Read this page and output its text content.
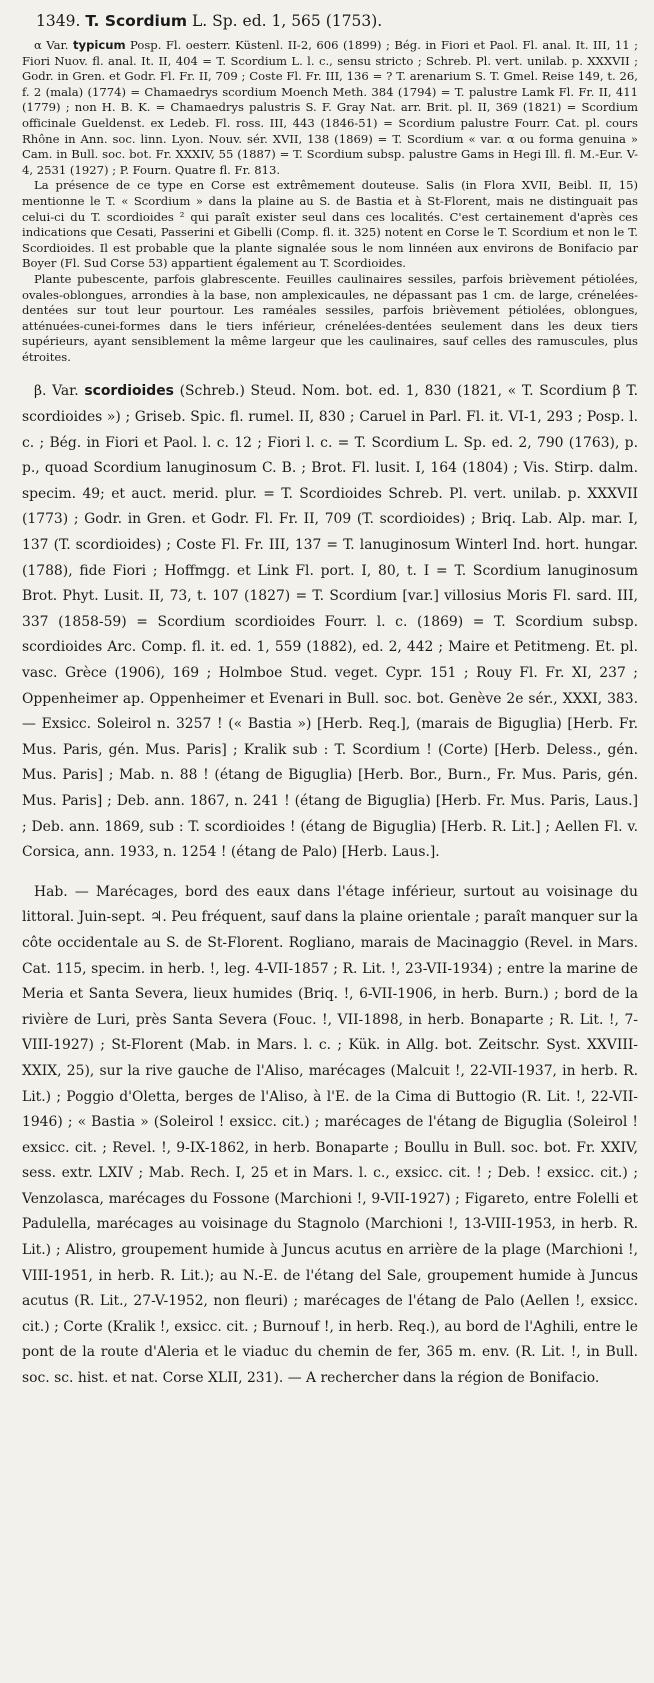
1349. T. Scordium L. Sp. ed. 1, 565 (1753).

α Var. typicum Posp. Fl. oesterr. Küstenl. II-2, 606 (1899) ; Bég. in Fiori et Paol. Fl. anal. It. III, 11 ; Fiori Nuov. fl. anal. It. II, 404 = T. Scordium L. l. c., sensu stricto ; Schreb. Pl. vert. unilab. p. XXXVII ; Godr. in Gren. et Godr. Fl. Fr. II, 709 ; Coste Fl. Fr. III, 136 = ? T. arenarium S. T. Gmel. Reise 149, t. 26, f. 2 (mala) (1774) = Chamaedrys scordium Moench Meth. 384 (1794) = T. palustre Lamk Fl. Fr. II, 411 (1779) ; non H. B. K. = Chamaedrys palustris S. F. Gray Nat. arr. Brit. pl. II, 369 (1821) = Scordium officinale Gueldenst. ex Ledeb. Fl. ross. III, 443 (1846-51) = Scordium palustre Fourr. Cat. pl. cours Rhône in Ann. soc. linn. Lyon. Nouv. sér. XVII, 138 (1869) = T. Scordium « var. α ou forma genuina » Cam. in Bull. soc. bot. Fr. XXXIV, 55 (1887) = T. Scordium subsp. palustre Gams in Hegi Ill. fl. M.-Eur. V-4, 2531 (1927) ; P. Fourn. Quatre fl. Fr. 813.

La présence de ce type en Corse est extrêmement douteuse. Salis (in Flora XVII, Beibl. II, 15) mentionne le T. « Scordium » dans la plaine au S. de Bastia et à St-Florent, mais ne distinguait pas celui-ci du T. scordioides ² qui paraît exister seul dans ces localités. C'est certainement d'après ces indications que Cesati, Passerini et Gibelli (Comp. fl. it. 325) notent en Corse le T. Scordium et non le T. Scordioides. Il est probable que la plante signalée sous le nom linnéen aux environs de Bonifacio par Boyer (Fl. Sud Corse 53) appartient également au T. Scordioides.

Plante pubescente, parfois glabrescente. Feuilles caulinaires sessiles, parfois brièvement pétiolées, ovales-oblongues, arrondies à la base, non amplexicaules, ne dépassant pas 1 cm. de large, crénelées-dentées sur tout leur pourtour. Les raméales sessiles, parfois brièvement pétiolées, oblongues, atténuées-cunei-formes dans le tiers inférieur, crénelées-dentées seulement dans les deux tiers supérieurs, ayant sensiblement la même largeur que les caulinaires, sauf celles des ramuscules, plus étroites.

β. Var. scordioides (Schreb.) Steud. Nom. bot. ed. 1, 830 (1821, « T. Scordium β T. scordioides ») ; Griseb. Spic. fl. rumel. II, 830 ; Caruel in Parl. Fl. it. VI-1, 293 ; Posp. l. c. ; Bég. in Fiori et Paol. l. c. 12 ; Fiori l. c. = T. Scordium L. Sp. ed. 2, 790 (1763), p. p., quoad Scordium lanuginosum C. B. ; Brot. Fl. lusit. I, 164 (1804) ; Vis. Stirp. dalm. specim. 49; et auct. merid. plur. = T. Scordioides Schreb. Pl. vert. unilab. p. XXXVII (1773) ; Godr. in Gren. et Godr. Fl. Fr. II, 709 (T. scordioides) ; Briq. Lab. Alp. mar. I, 137 (T. scordioides) ; Coste Fl. Fr. III, 137 = T. lanuginosum Winterl Ind. hort. hungar. (1788), fide Fiori ; Hoffmgg. et Link Fl. port. I, 80, t. I = T. Scordium lanuginosum Brot. Phyt. Lusit. II, 73, t. 107 (1827) = T. Scordium [var.] villosius Moris Fl. sard. III, 337 (1858-59) = Scordium scordioides Fourr. l. c. (1869) = T. Scordium subsp. scordioides Arc. Comp. fl. it. ed. 1, 559 (1882), ed. 2, 442 ; Maire et Petitmeng. Et. pl. vasc. Grèce (1906), 169 ; Holmboe Stud. veget. Cypr. 151 ; Rouy Fl. Fr. XI, 237 ; Oppenheimer ap. Oppenheimer et Evenari in Bull. soc. bot. Genève 2e sér., XXXI, 383. — Exsicc. Soleirol n. 3257 ! (« Bastia ») [Herb. Req.], (marais de Biguglia) [Herb. Fr. Mus. Paris, gén. Mus. Paris] ; Kralik sub : T. Scordium ! (Corte) [Herb. Deless., gén. Mus. Paris] ; Mab. n. 88 ! (étang de Biguglia) [Herb. Bor., Burn., Fr. Mus. Paris, gén. Mus. Paris] ; Deb. ann. 1867, n. 241 ! (étang de Biguglia) [Herb. Fr. Mus. Paris, Laus.] ; Deb. ann. 1869, sub : T. scordioides ! (étang de Biguglia) [Herb. R. Lit.] ; Aellen Fl. v. Corsica, ann. 1933, n. 1254 ! (étang de Palo) [Herb. Laus.].

Hab. — Marécages, bord des eaux dans l'étage inférieur, surtout au voisinage du littoral. Juin-sept. ♃. Peu fréquent, sauf dans la plaine orientale ; paraît manquer sur la côte occidentale au S. de St-Florent. Rogliano, marais de Macinaggio (Revel. in Mars. Cat. 115, specim. in herb. !, leg. 4-VII-1857 ; R. Lit. !, 23-VII-1934) ; entre la marine de Meria et Santa Severa, lieux humides (Briq. !, 6-VII-1906, in herb. Burn.) ; bord de la rivière de Luri, près Santa Severa (Fouc. !, VII-1898, in herb. Bonaparte ; R. Lit. !, 7-VIII-1927) ; St-Florent (Mab. in Mars. l. c. ; Kük. in Allg. bot. Zeitschr. Syst. XXVIII-XXIX, 25), sur la rive gauche de l'Aliso, marécages (Malcuit !, 22-VII-1937, in herb. R. Lit.) ; Poggio d'Oletta, berges de l'Aliso, à l'E. de la Cima di Buttogio (R. Lit. !, 22-VII-1946) ; « Bastia » (Soleirol ! exsicc. cit.) ; marécages de l'étang de Biguglia (Soleirol ! exsicc. cit. ; Revel. !, 9-IX-1862, in herb. Bonaparte ; Boullu in Bull. soc. bot. Fr. XXIV, sess. extr. LXIV ; Mab. Rech. I, 25 et in Mars. l. c., exsicc. cit. ! ; Deb. ! exsicc. cit.) ; Venzolasca, marécages du Fossone (Marchioni !, 9-VII-1927) ; Figareto, entre Folelli et Padulella, marécages au voisinage du Stagnolo (Marchioni !, 13-VIII-1953, in herb. R. Lit.) ; Alistro, groupement humide à Juncus acutus en arrière de la plage (Marchioni !, VIII-1951, in herb. R. Lit.); au N.-E. de l'étang del Sale, groupement humide à Juncus acutus (R. Lit., 27-V-1952, non fleuri) ; marécages de l'étang de Palo (Aellen !, exsicc. cit.) ; Corte (Kralik !, exsicc. cit. ; Burnouf !, in herb. Req.), au bord de l'Aghili, entre le pont de la route d'Aleria et le viaduc du chemin de fer, 365 m. env. (R. Lit. !, in Bull. soc. sc. hist. et nat. Corse XLII, 231). — A rechercher dans la région de Bonifacio.
